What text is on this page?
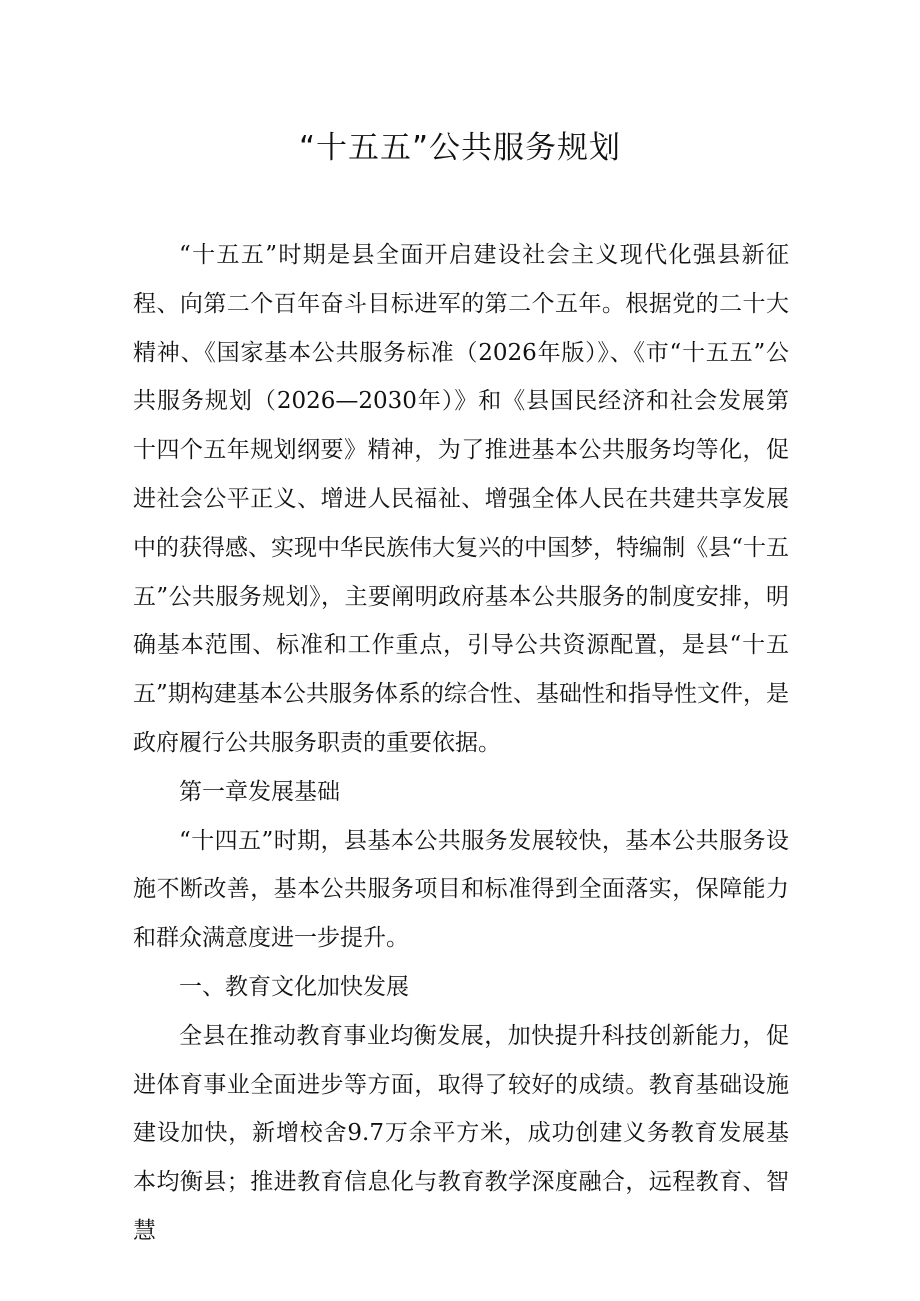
“十五五”公共服务规划

“十五五”时期是县全面开启建设社会主义现代化强县新征程、向第二个百年奋斗目标进军的第二个五年。根据党的二十大精神、《国家基本公共服务标准（2026年版）》、《市“十五五”公共服务规划（2026—2030年）》和《县国民经济和社会发展第十四个五年规划纲要》精神，为了推进基本公共服务均等化，促进社会公平正义、增进人民福祉、增强全体人民在共建共享发展中的获得感、实现中华民族伟大复兴的中国梦，特编制《县“十五五”公共服务规划》，主要阐明政府基本公共服务的制度安排，明确基本范围、标准和工作重点，引导公共资源配置，是县“十五五”期构建基本公共服务体系的综合性、基础性和指导性文件，是政府履行公共服务职责的重要依据。

第一章发展基础

“十四五”时期，县基本公共服务发展较快，基本公共服务设施不断改善，基本公共服务项目和标准得到全面落实，保障能力和群众满意度进一步提升。

一、教育文化加快发展

全县在推动教育事业均衡发展，加快提升科技创新能力，促进体育事业全面进步等方面，取得了较好的成绩。教育基础设施建设加快，新增校舍9.7万余平方米，成功创建义务教育发展基本均衡县；推进教育信息化与教育教学深度融合，远程教育、智慧
